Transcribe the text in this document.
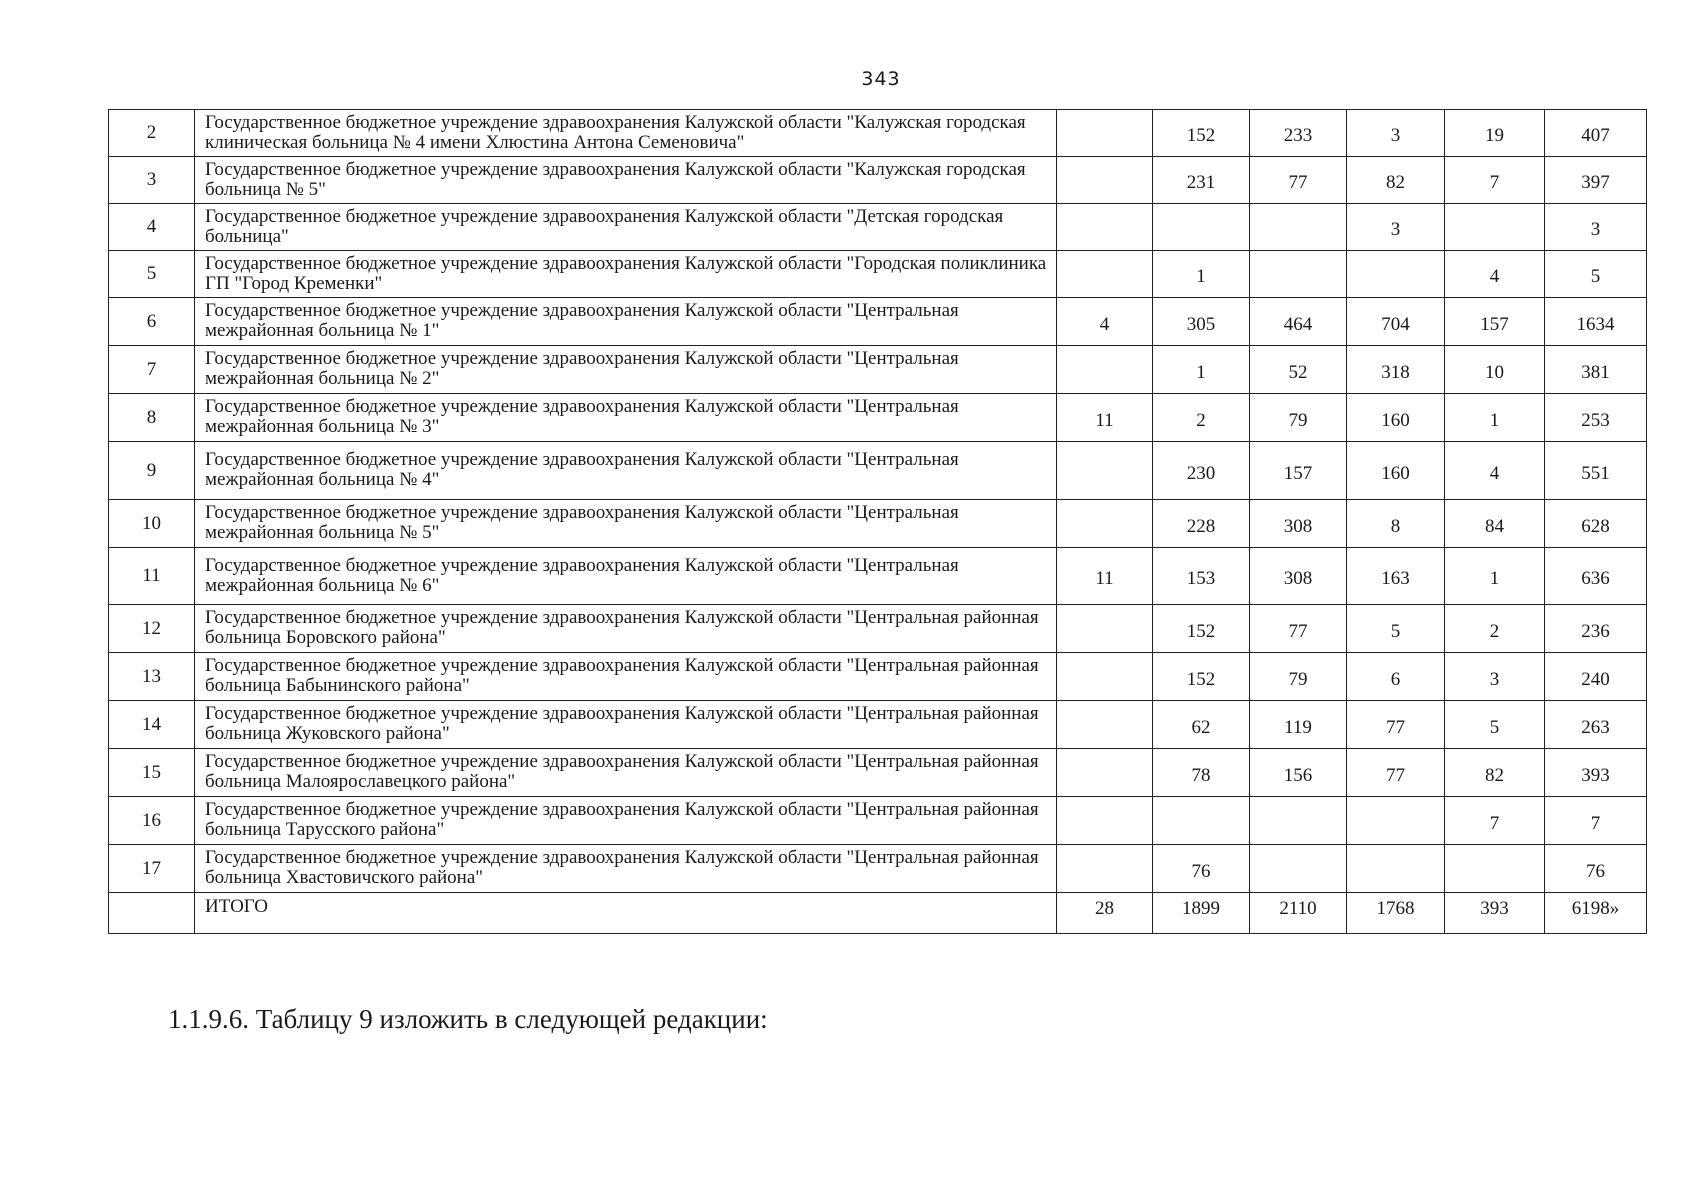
343
2	Государственное бюджетное учреждение здравоохранения Калужской области "Калужская городская клиническая больница № 4 имени Хлюстина Антона Семеновича"		152	233	3	19	407
3	Государственное бюджетное учреждение здравоохранения Калужской области "Калужская городская больница № 5"		231	77	82	7	397
4	Государственное бюджетное учреждение здравоохранения Калужской области "Детская городская больница"				3		3
5	Государственное бюджетное учреждение здравоохранения Калужской области "Городская поликлиника ГП "Город Кременки"		1			4	5
6	Государственное бюджетное учреждение здравоохранения Калужской области "Центральная межрайонная больница № 1"	4	305	464	704	157	1634
7	Государственное бюджетное учреждение здравоохранения Калужской области "Центральная межрайонная больница № 2"		1	52	318	10	381
8	Государственное бюджетное учреждение здравоохранения Калужской области "Центральная межрайонная больница № 3"	11	2	79	160	1	253
9	Государственное бюджетное учреждение здравоохранения Калужской области "Центральная межрайонная больница № 4"		230	157	160	4	551
10	Государственное бюджетное учреждение здравоохранения Калужской области "Центральная межрайонная больница № 5"		228	308	8	84	628
11	Государственное бюджетное учреждение здравоохранения Калужской области "Центральная межрайонная больница № 6"	11	153	308	163	1	636
12	Государственное бюджетное учреждение здравоохранения Калужской области "Центральная районная больница Боровского района"		152	77	5	2	236
13	Государственное бюджетное учреждение здравоохранения Калужской области "Центральная районная больница Бабынинского района"		152	79	6	3	240
14	Государственное бюджетное учреждение здравоохранения Калужской области "Центральная районная больница Жуковского района"		62	119	77	5	263
15	Государственное бюджетное учреждение здравоохранения Калужской области "Центральная районная больница Малоярославецкого района"		78	156	77	82	393
16	Государственное бюджетное учреждение здравоохранения Калужской области "Центральная районная больница Тарусского района"					7	7
17	Государственное бюджетное учреждение здравоохранения Калужской области "Центральная районная больница Хвастовичского района"		76				76
	ИТОГО	28	1899	2110	1768	393	6198»
1.1.9.6. Таблицу 9 изложить в следующей редакции:
